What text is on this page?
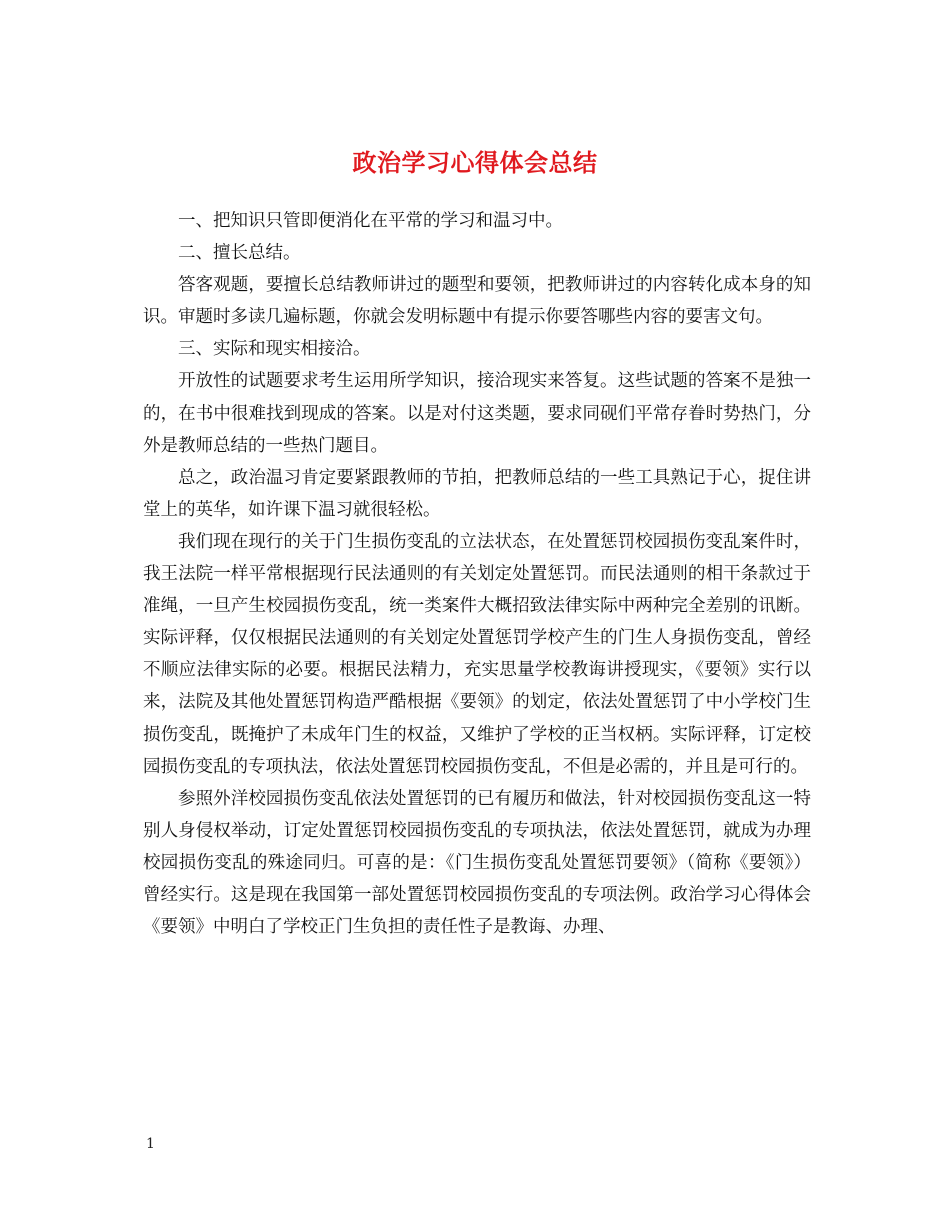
政治学习心得体会总结

一、把知识只管即便消化在平常的学习和温习中。

二、擅长总结。

答客观题，要擅长总结教师讲过的题型和要领，把教师讲过的内容转化成本身的知识。审题时多读几遍标题，你就会发明标题中有提示你要答哪些内容的要害文句。

三、实际和现实相接洽。

开放性的试题要求考生运用所学知识，接洽现实来答复。这些试题的答案不是独一的，在书中很难找到现成的答案。以是对付这类题，要求同砚们平常存眷时势热门，分外是教师总结的一些热门题目。

总之，政治温习肯定要紧跟教师的节拍，把教师总结的一些工具熟记于心，捉住讲堂上的英华，如许课下温习就很轻松。

我们现在现行的关于门生损伤变乱的立法状态，在处置惩罚校园损伤变乱案件时，我王法院一样平常根据现行民法通则的有关划定处置惩罚。而民法通则的相干条款过于准绳，一旦产生校园损伤变乱，统一类案件大概招致法律实际中两种完全差别的讯断。实际评释，仅仅根据民法通则的有关划定处置惩罚学校产生的门生人身损伤变乱，曾经不顺应法律实际的必要。根据民法精力，充实思量学校教诲讲授现实，《要领》实行以来，法院及其他处置惩罚构造严酷根据《要领》的划定，依法处置惩罚了中小学校门生损伤变乱，既掩护了未成年门生的权益，又维护了学校的正当权柄。实际评释，订定校园损伤变乱的专项执法，依法处置惩罚校园损伤变乱，不但是必需的，并且是可行的。

参照外洋校园损伤变乱依法处置惩罚的已有履历和做法，针对校园损伤变乱这一特别人身侵权举动，订定处置惩罚校园损伤变乱的专项执法，依法处置惩罚，就成为办理校园损伤变乱的殊途同归。可喜的是：《门生损伤变乱处置惩罚要领》（简称《要领》）曾经实行。这是现在我国第一部处置惩罚校园损伤变乱的专项法例。政治学习心得体会《要领》中明白了学校正门生负担的责任性子是教诲、办理、

1
